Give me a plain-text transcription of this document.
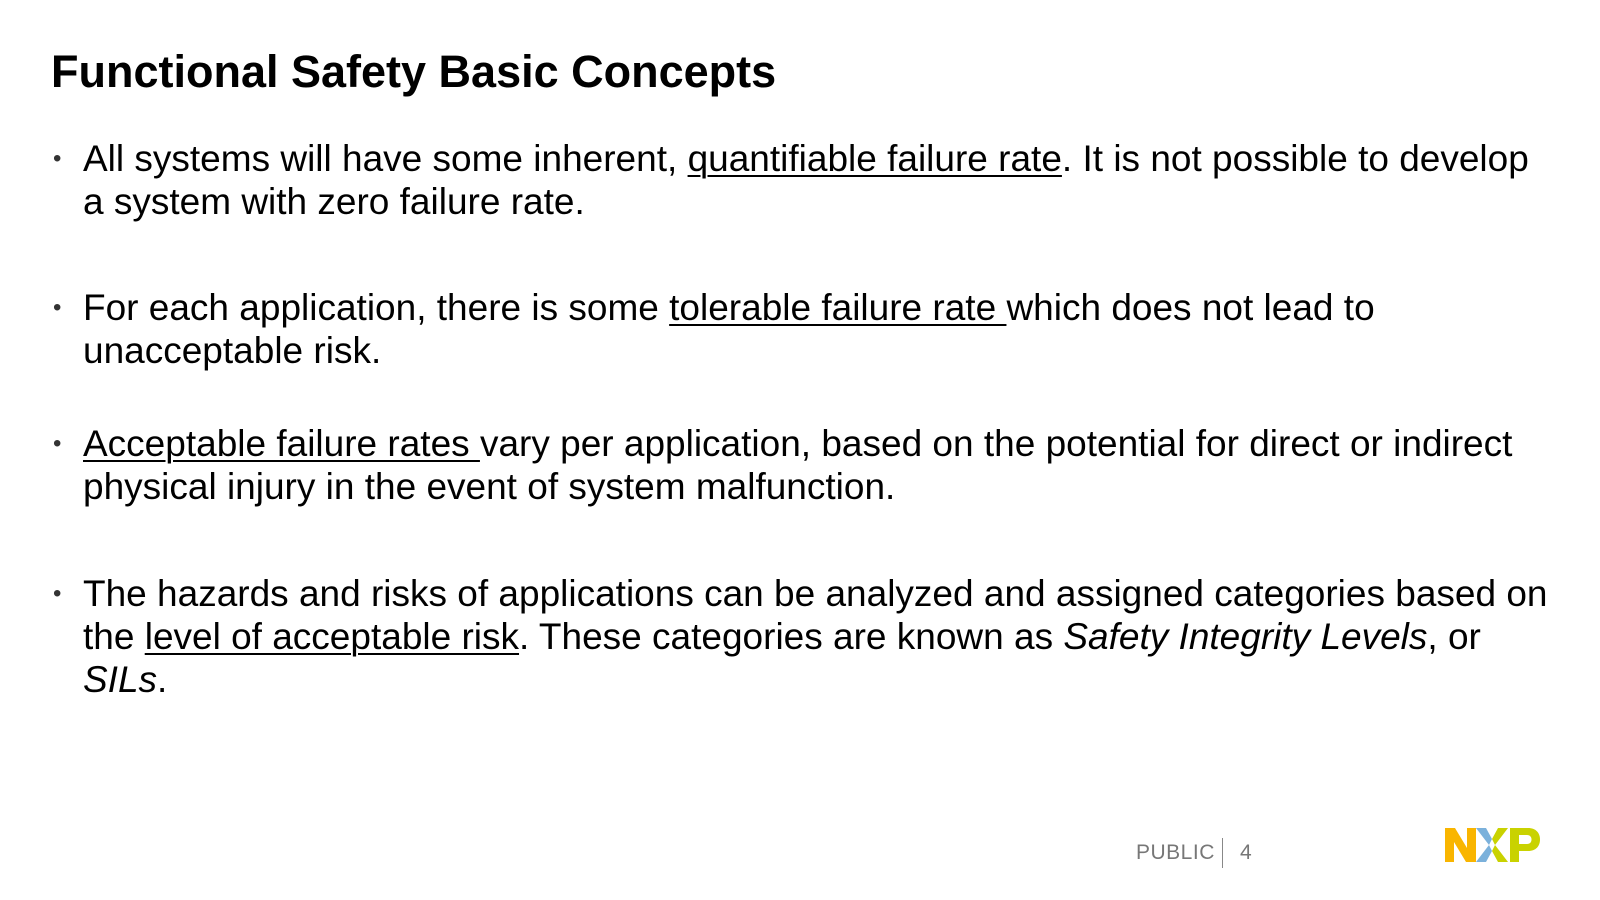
Functional Safety Basic Concepts
• All systems will have some inherent, quantifiable failure rate. It is not possible to develop a system with zero failure rate.
• For each application, there is some tolerable failure rate which does not lead to unacceptable risk.
• Acceptable failure rates vary per application, based on the potential for direct or indirect physical injury in the event of system malfunction.
• The hazards and risks of applications can be analyzed and assigned categories based on the level of acceptable risk. These categories are known as Safety Integrity Levels, or SILs.
PUBLIC 4
